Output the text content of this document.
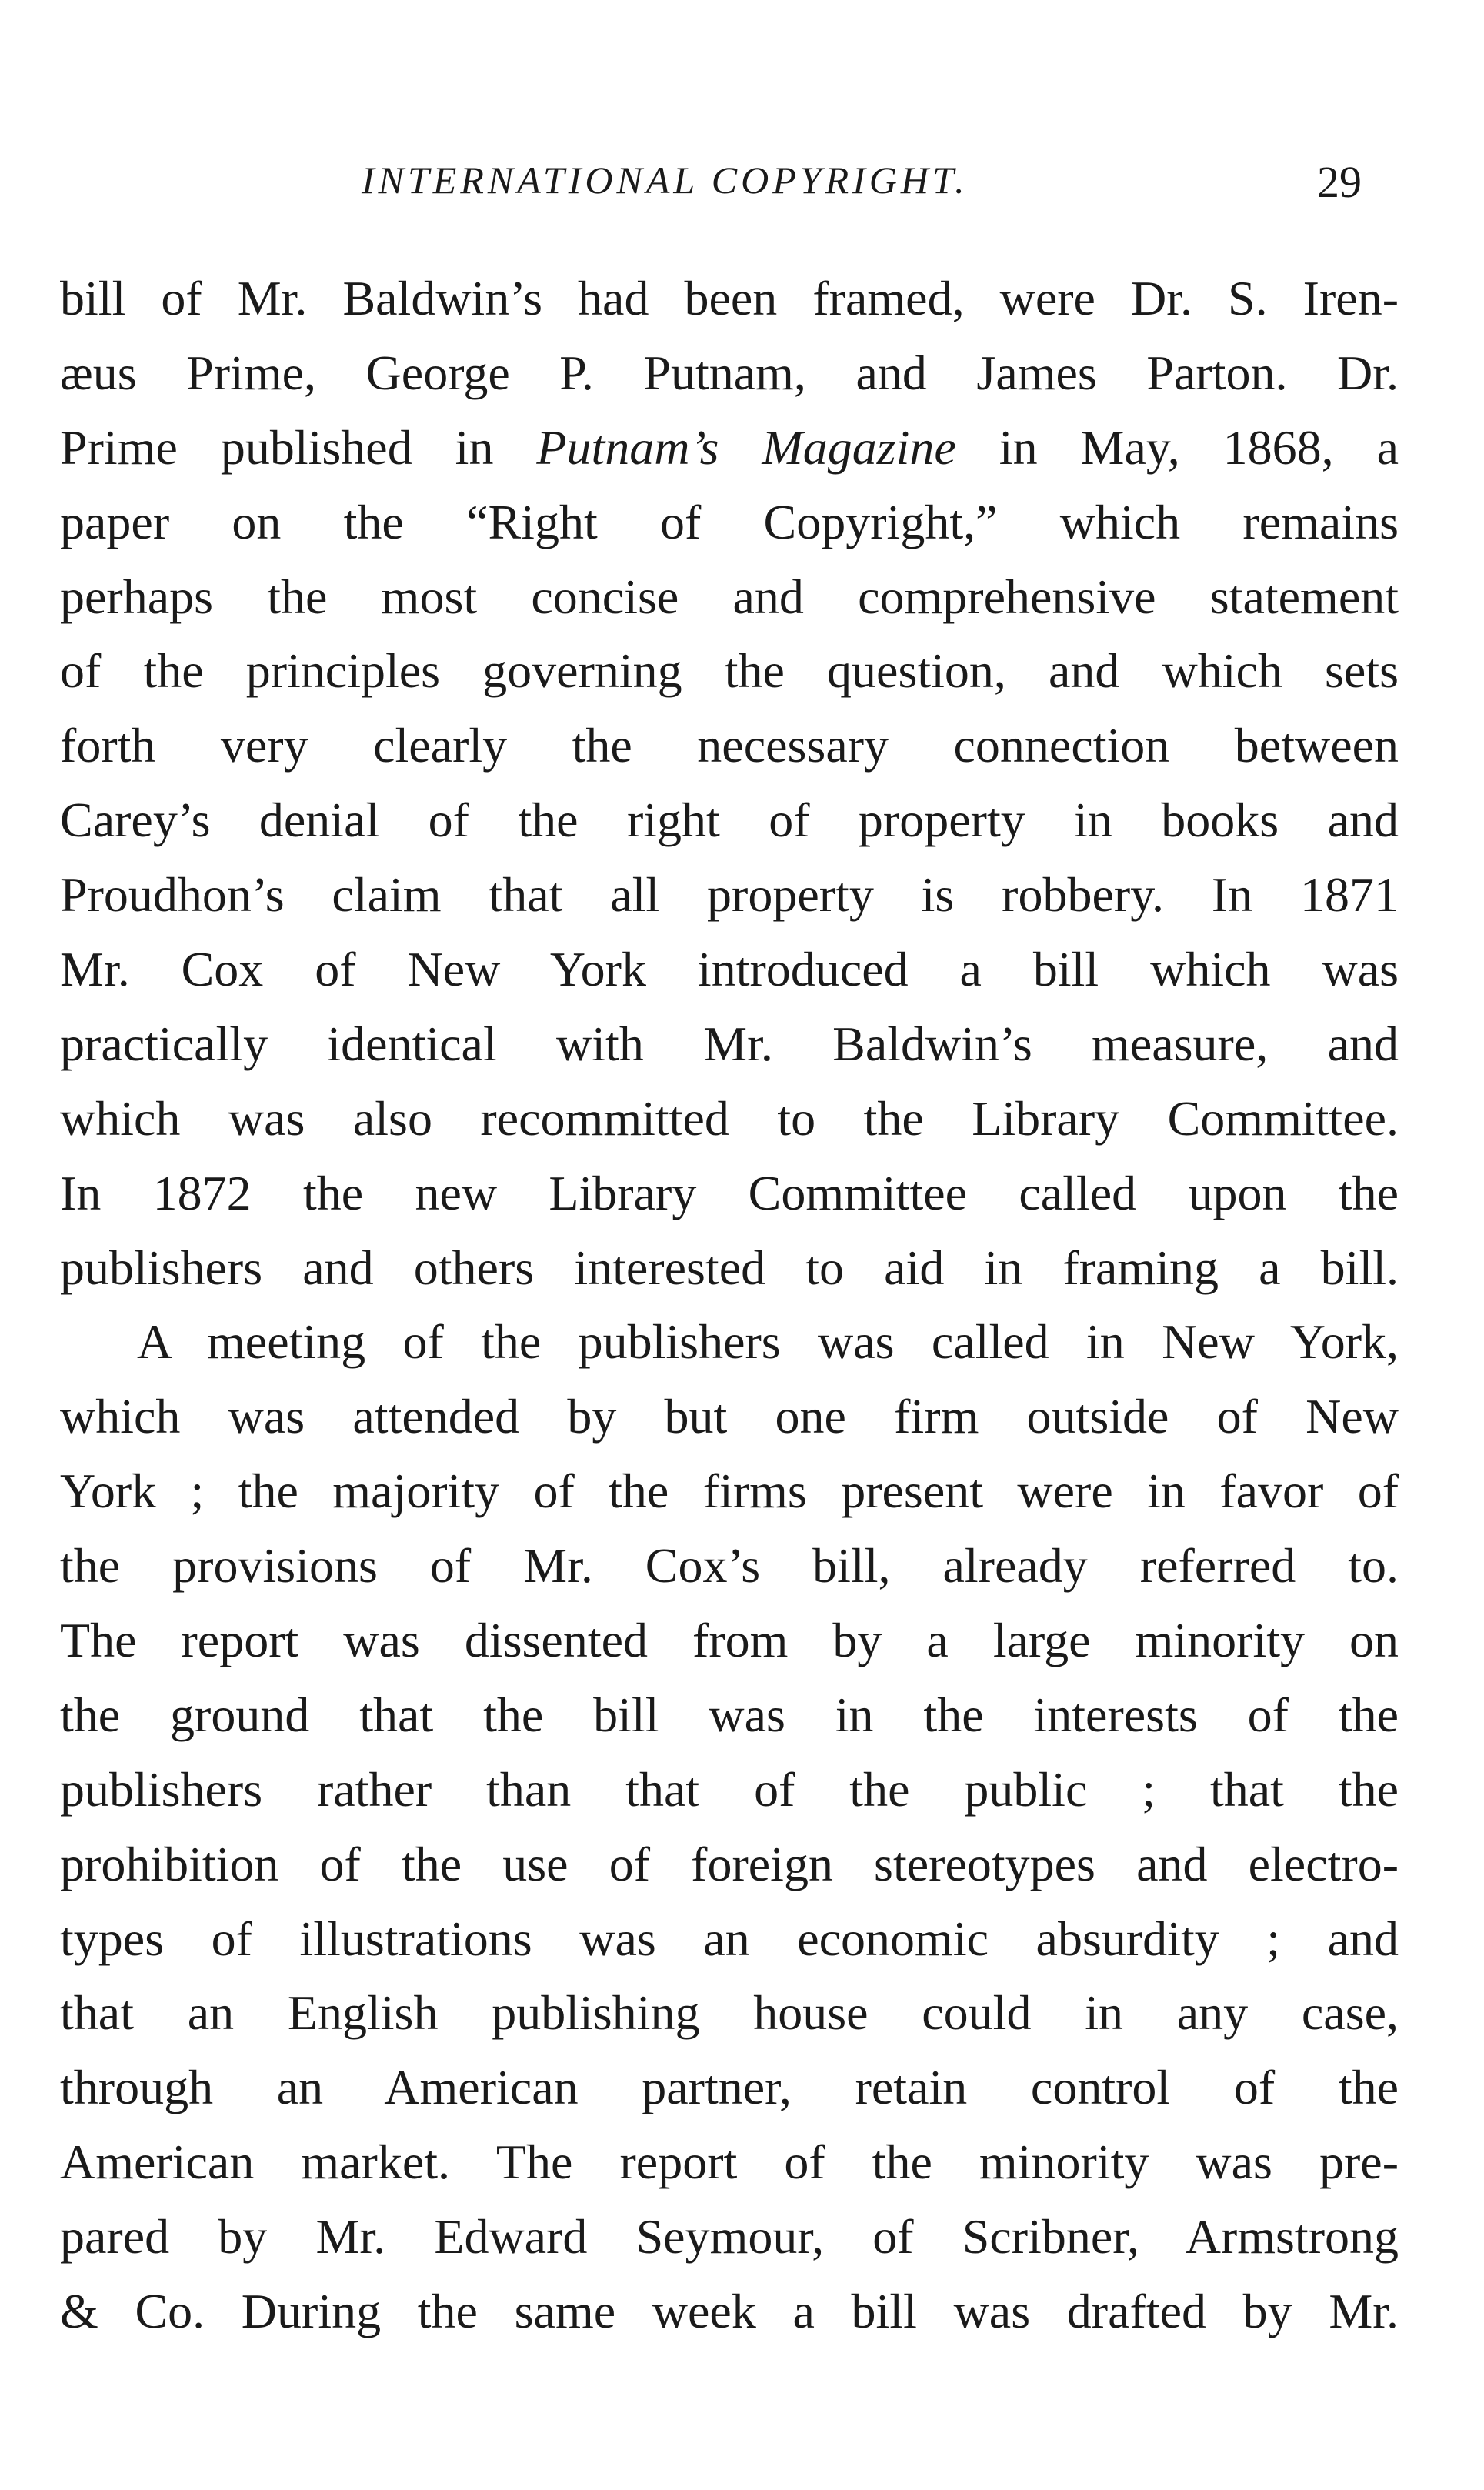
INTERNATIONAL COPYRIGHT.	29
bill of Mr. Baldwin’s had been framed, were Dr. S. Iren-
æus Prime, George P. Putnam, and James Parton. Dr.
Prime published in Putnam’s Magazine in May, 1868, a
paper on the “Right of Copyright,” which remains
perhaps the most concise and comprehensive statement
of the principles governing the question, and which sets
forth very clearly the necessary connection between
Carey’s denial of the right of property in books and
Proudhon’s claim that all property is robbery. In 1871
Mr. Cox of New York introduced a bill which was
practically identical with Mr. Baldwin’s measure, and
which was also recommitted to the Library Committee.
In 1872 the new Library Committee called upon the
publishers and others interested to aid in framing a bill.
A meeting of the publishers was called in New York,
which was attended by but one firm outside of New
York ; the majority of the firms present were in favor of
the provisions of Mr. Cox’s bill, already referred to.
The report was dissented from by a large minority on
the ground that the bill was in the interests of the
publishers rather than that of the public ; that the
prohibition of the use of foreign stereotypes and electro-
types of illustrations was an economic absurdity ; and
that an English publishing house could in any case,
through an American partner, retain control of the
American market. The report of the minority was pre-
pared by Mr. Edward Seymour, of Scribner, Armstrong
& Co. During the same week a bill was drafted by Mr.
